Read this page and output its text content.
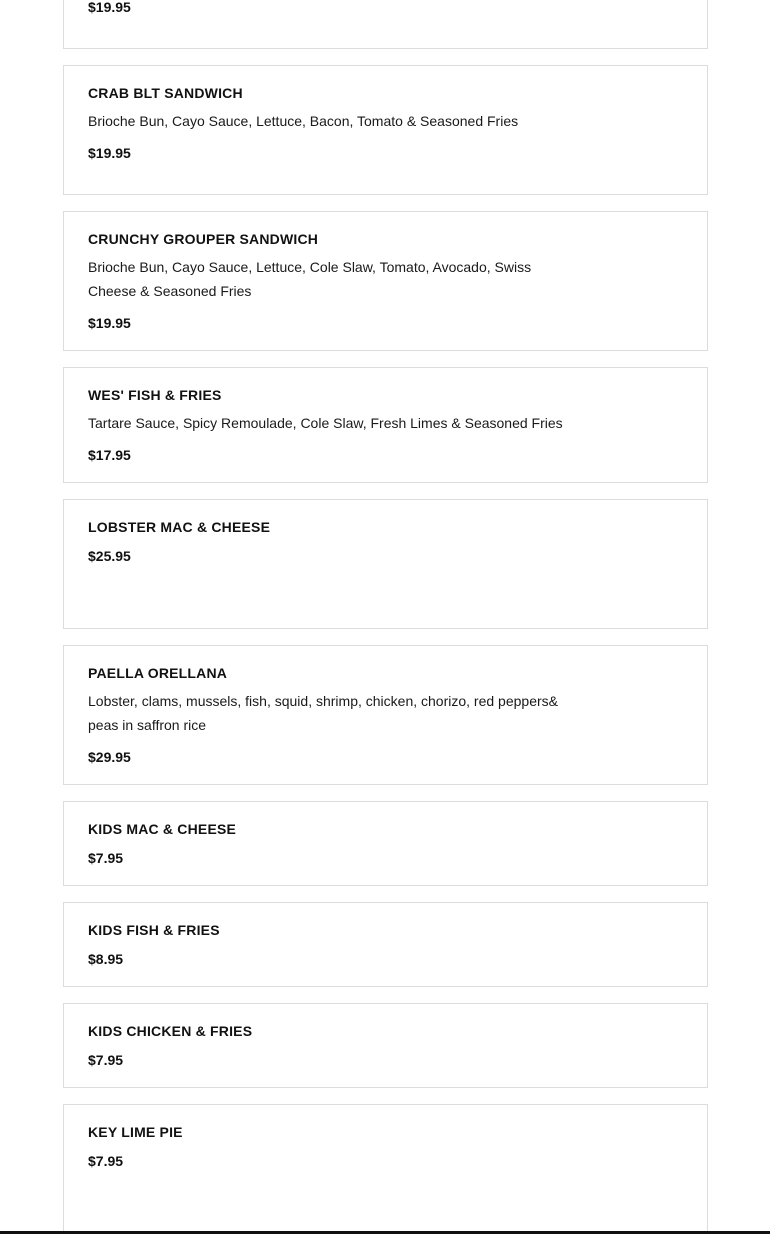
$19.95
CRAB BLT SANDWICH
Brioche Bun, Cayo Sauce, Lettuce, Bacon, Tomato & Seasoned Fries
$19.95
CRUNCHY GROUPER SANDWICH
Brioche Bun, Cayo Sauce, Lettuce, Cole Slaw, Tomato, Avocado, Swiss Cheese & Seasoned Fries
$19.95
WES' FISH & FRIES
Tartare Sauce, Spicy Remoulade, Cole Slaw, Fresh Limes & Seasoned Fries
$17.95
LOBSTER MAC & CHEESE
$25.95
PAELLA ORELLANA
Lobster, clams, mussels, fish, squid, shrimp, chicken, chorizo, red peppers& peas in saffron rice
$29.95
KIDS MAC & CHEESE
$7.95
KIDS FISH & FRIES
$8.95
KIDS CHICKEN & FRIES
$7.95
KEY LIME PIE
$7.95
